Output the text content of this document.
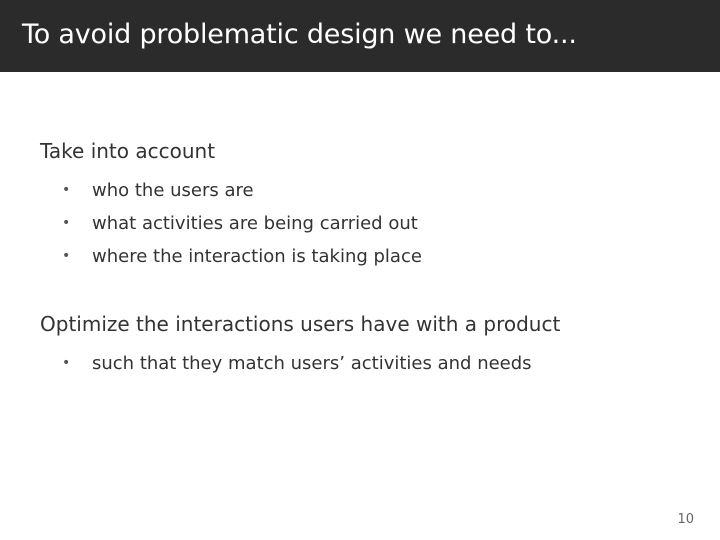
To avoid problematic design we need to...
Take into account
• who the users are
• what activities are being carried out
• where the interaction is taking place
Optimize the interactions users have with a product
• such that they match users’ activities and needs
10
